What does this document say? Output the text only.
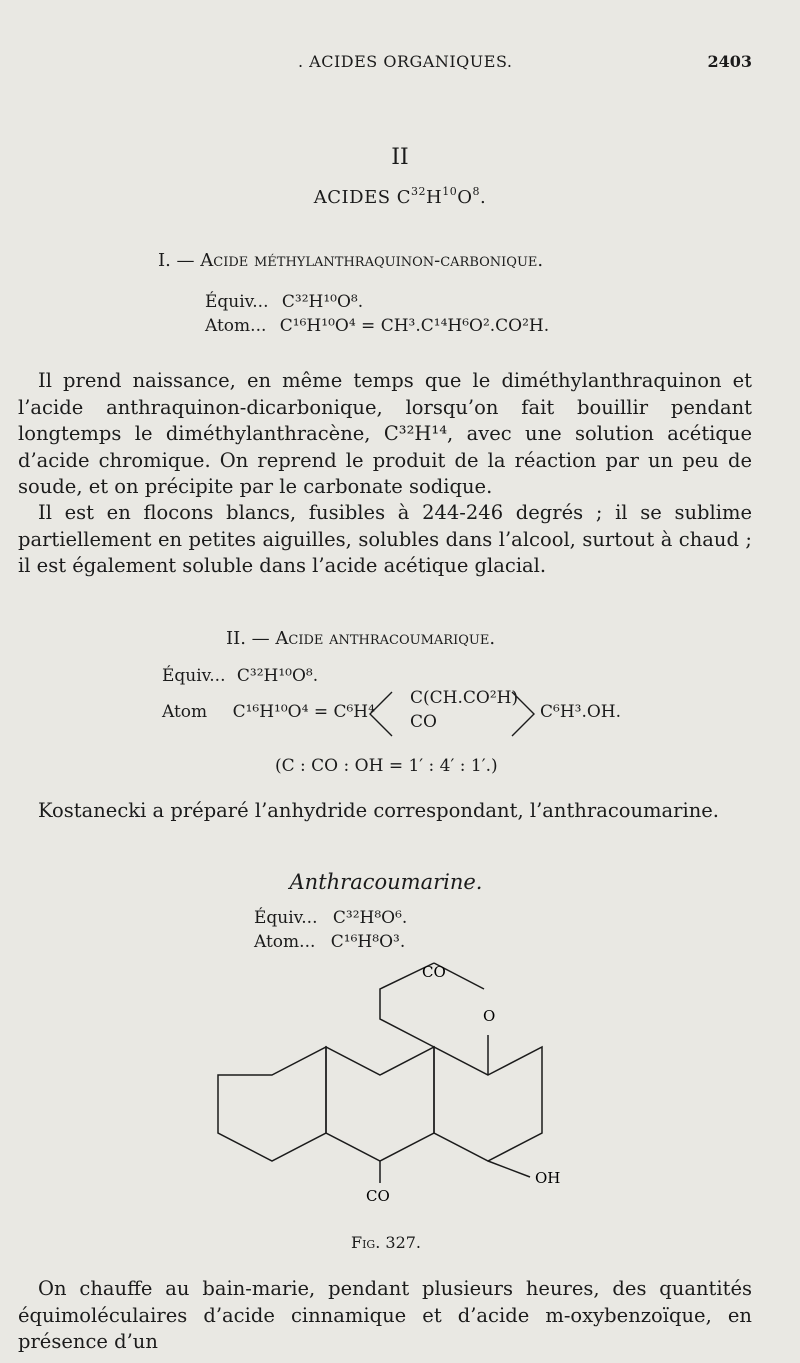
. ACIDES ORGANIQUES.	2403
II
ACIDES $C^{32}H^{10}O^8$.
I. — Acide méthylanthraquinon-carbonique.
Équiv... C³²H¹⁰O⁸.
Atom... C¹⁶H¹⁰O⁴ = CH³.C¹⁴H⁶O².CO²H.
Il prend naissance, en même temps que le diméthylanthraquinon et l’acide anthraquinon-dicarbonique, lorsqu’on fait bouillir pendant longtemps le diméthylanthracène, C³²H¹⁴, avec une solution acétique d’acide chromique. On reprend le produit de la réaction par un peu de soude, et on précipite par le carbonate sodique.
Il est en flocons blancs, fusibles à 244-246 degrés ; il se sublime partiellement en petites aiguilles, solubles dans l’alcool, surtout à chaud ; il est également soluble dans l’acide acétique glacial.
II. — Acide anthracoumarique.
Équiv... C³²H¹⁰O⁸.
Atom C¹⁶H¹⁰O⁴ = C⁶H⁴
C(CH.CO²H)
CO	C⁶H³.OH.
(C : CO : OH = 1′ : 4′ : 1′.)
Kostanecki a préparé l’anhydride correspondant, l’anthracoumarine.
Anthracoumarine.
Équiv... C³²H⁸O⁶.
Atom... C¹⁶H⁸O³.
CO
O
OH
CO
Fig. 327.
On chauffe au bain-marie, pendant plusieurs heures, des quantités équimoléculaires d’acide cinnamique et d’acide m-oxybenzoïque, en présence d’un
